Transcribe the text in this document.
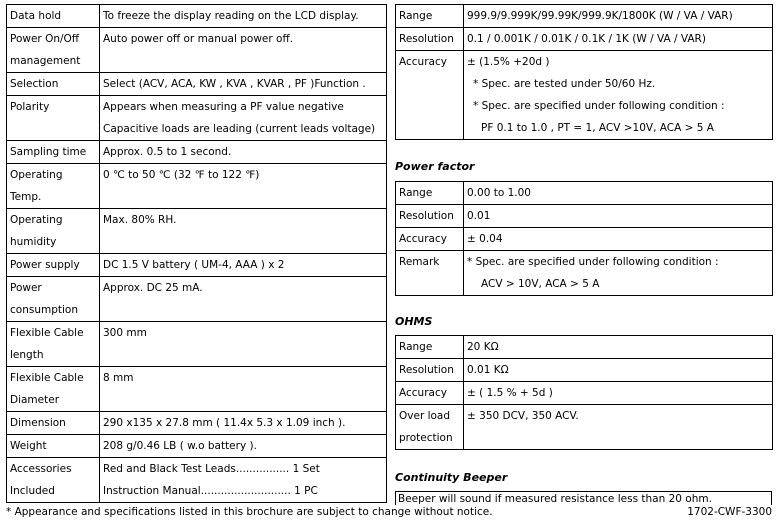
Data hold	To freeze the display reading on the LCD display.
Power On/Off management	Auto power off or manual power off.
Selection	Select (ACV, ACA, KW , KVA , KVAR , PF )Function .
Polarity	Appears when measuring a PF value negative
Capacitive loads are leading (current leads voltage)

Sampling time	Approx. 0.5 to 1 second.
Operating Temp.	0 ℃ to 50 ℃ (32 ℉ to 122 ℉)
Operating humidity	Max. 80% RH.
Power supply	DC 1.5 V battery ( UM-4, AAA ) x 2
Power consumption	Approx. DC 25 mA.
Flexible Cable length	300 mm
Flexible Cable Diameter	8 mm
Dimension	290 x135 x 27.8 mm ( 11.4x 5.3 x 1.09 inch ).
Weight	208 g/0.46 LB ( w.o battery ).
Accessories Included	Red and Black Test Leads................ 1 Set
Instruction Manual........................... 1 PC
Range	999.9/9.999K/99.99K/999.9K/1800K (W / VA / VAR)
Resolution	0.1 / 0.001K / 0.01K / 0.1K / 1K (W / VA / VAR)
Accuracy	± (1.5% +20d )
* Spec. are tested under 50/60 Hz.
* Spec. are specified under following condition :
PF 0.1 to 1.0 , PT = 1, ACV >10V, ACA > 5 A
Power factor
Range	0.00 to 1.00
Resolution	0.01
Accuracy	± 0.04
Remark	* Spec. are specified under following condition :
ACV > 10V, ACA > 5 A
OHMS
Range	20 KΩ
Resolution	0.01 KΩ
Accuracy	± ( 1.5 % + 5d )
Over load protection	± 350 DCV, 350 ACV.
Continuity Beeper
Beeper will sound if measured resistance less than 20 ohm.
* Appearance and specifications listed in this brochure are subject to change without notice.	1702-CWF-3300
